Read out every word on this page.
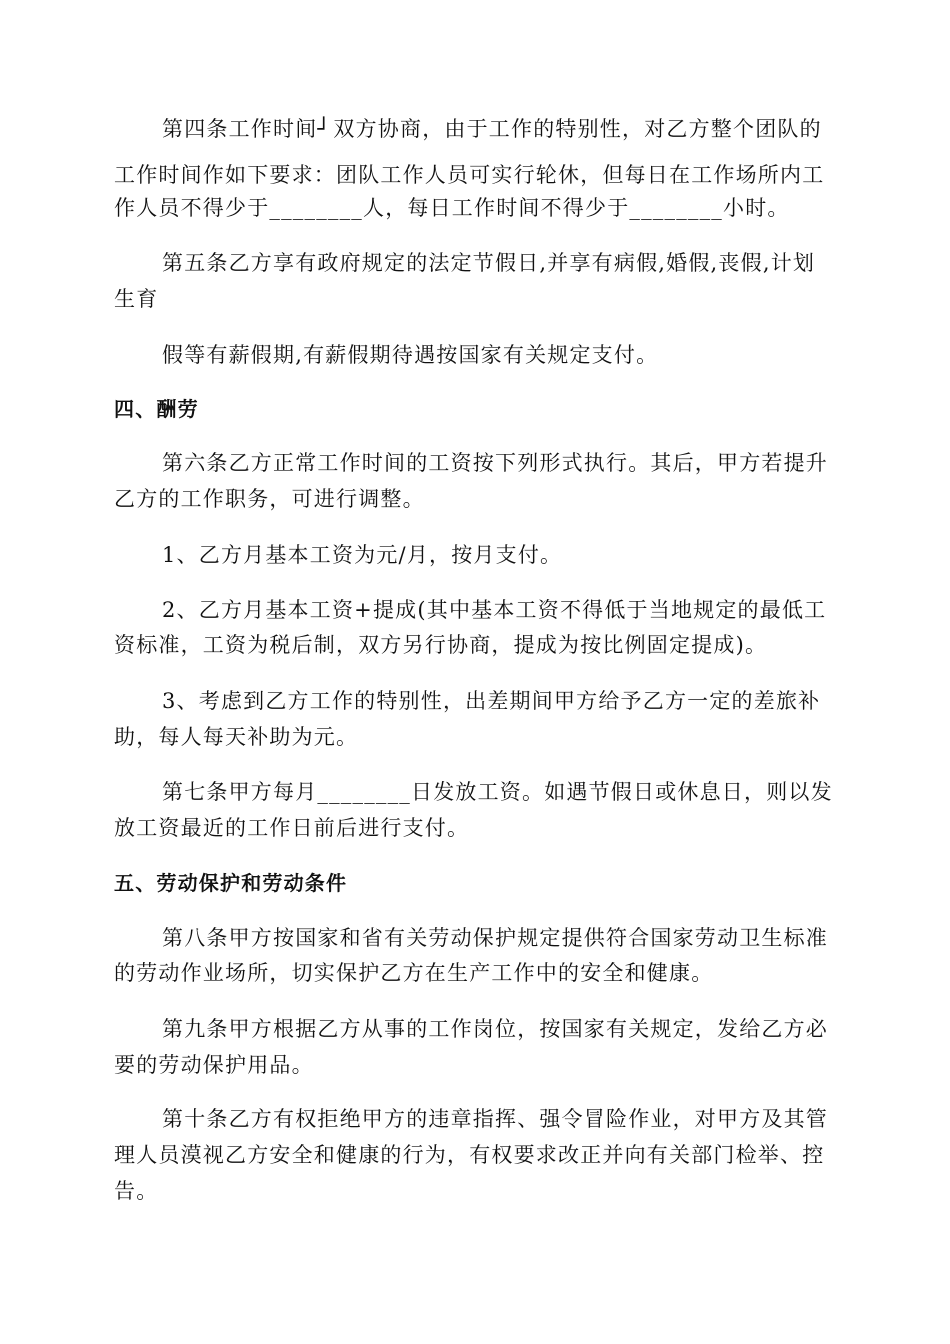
第四条工作时间┘ 双方协商，由于工作的特别性，对乙方整个团队的
工作时间作如下要求：团队工作人员可实行轮休，但每日在工作场所内工
作人员不得少于________人，每日工作时间不得少于________小时。
第五条乙方享有政府规定的法定节假日,并享有病假,婚假,丧假,计划
生育
假等有薪假期,有薪假期待遇按国家有关规定支付。
四、酬劳
第六条乙方正常工作时间的工资按下列形式执行。其后，甲方若提升
乙方的工作职务，可进行调整。
1、乙方月基本工资为元/月，按月支付。
2、乙方月基本工资+提成(其中基本工资不得低于当地规定的最低工
资标准，工资为税后制，双方另行协商，提成为按比例固定提成)。
3、考虑到乙方工作的特别性，出差期间甲方给予乙方一定的差旅补
助，每人每天补助为元。
第七条甲方每月________日发放工资。如遇节假日或休息日，则以发
放工资最近的工作日前后进行支付。
五、劳动保护和劳动条件
第八条甲方按国家和省有关劳动保护规定提供符合国家劳动卫生标准
的劳动作业场所，切实保护乙方在生产工作中的安全和健康。
第九条甲方根据乙方从事的工作岗位，按国家有关规定，发给乙方必
要的劳动保护用品。
第十条乙方有权拒绝甲方的违章指挥、强令冒险作业，对甲方及其管
理人员漠视乙方安全和健康的行为，有权要求改正并向有关部门检举、控
告。
